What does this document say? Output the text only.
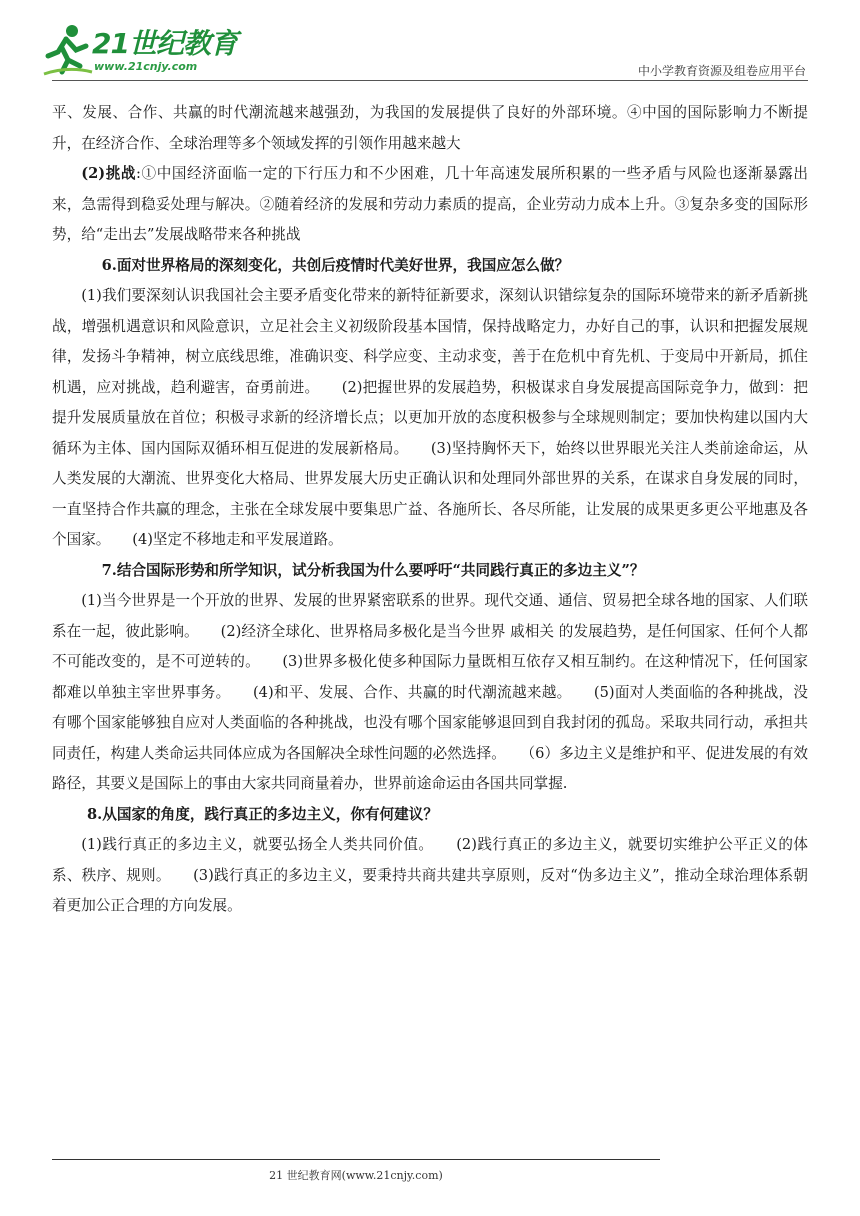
21世纪教育
www.21cnjy.com	中小学教育资源及组卷应用平台

平、发展、合作、共赢的时代潮流越来越强劲，为我国的发展提供了良好的外部环境。④中国的国际影响力不断提升，在经济合作、全球治理等多个领域发挥的引领作用越来越大

(2)挑战:①中国经济面临一定的下行压力和不少困难，几十年高速发展所积累的一些矛盾与风险也逐渐暴露出来，急需得到稳妥处理与解决。②随着经济的发展和劳动力素质的提高，企业劳动力成本上升。③复杂多变的国际形势，给“走出去”发展战略带来各种挑战

6.面对世界格局的深刻变化，共创后疫情时代美好世界，我国应怎么做？

(1)我们要深刻认识我国社会主要矛盾变化带来的新特征新要求，深刻认识错综复杂的国际环境带来的新矛盾新挑战，增强机遇意识和风险意识，立足社会主义初级阶段基本国情，保持战略定力，办好自己的事，认识和把握发展规律，发扬斗争精神，树立底线思维，准确识变、科学应变、主动求变，善于在危机中育先机、于变局中开新局，抓住机遇，应对挑战，趋利避害，奋勇前进。　　(2)把握世界的发展趋势，积极谋求自身发展提高国际竞争力，做到：把提升发展质量放在首位；积极寻求新的经济增长点；以更加开放的态度积极参与全球规则制定；要加快构建以国内大循环为主体、国内国际双循环相互促进的发展新格局。　　(3)坚持胸怀天下，始终以世界眼光关注人类前途命运，从人类发展的大潮流、世界变化大格局、世界发展大历史正确认识和处理同外部世界的关系，在谋求自身发展的同时，一直坚持合作共赢的理念，主张在全球发展中要集思广益、各施所长、各尽所能，让发展的成果更多更公平地惠及各个国家。　　(4)坚定不移地走和平发展道路。

7.结合国际形势和所学知识，试分析我国为什么要呼吁“共同践行真正的多边主义”？

(1)当今世界是一个开放的世界、发展的世界紧密联系的世界。现代交通、通信、贸易把全球各地的国家、人们联系在一起，彼此影响。　　(2)经济全球化、世界格局多极化是当今世界 戚相关 的发展趋势，是任何国家、任何个人都不可能改变的，是不可逆转的。　　(3)世界多极化使多种国际力量既相互依存又相互制约。在这种情况下，任何国家都难以单独主宰世界事务。　　(4)和平、发展、合作、共赢的时代潮流越来越。　　(5)面对人类面临的各种挑战，没有哪个国家能够独自应对人类面临的各种挑战，也没有哪个国家能够退回到自我封闭的孤岛。采取共同行动，承担共同责任，构建人类命运共同体应成为各国解决全球性问题的必然选择。　　（6）多边主义是维护和平、促进发展的有效路径，其要义是国际上的事由大家共同商量着办，世界前途命运由各国共同掌握.

8.从国家的角度，践行真正的多边主义，你有何建议？

(1)践行真正的多边主义，就要弘扬全人类共同价值。　　(2)践行真正的多边主义，就要切实维护公平正义的体系、秩序、规则。　　(3)践行真正的多边主义，要秉持共商共建共享原则，反对“伪多边主义”，推动全球治理体系朝着更加公正合理的方向发展。

21 世纪教育网(www.21cnjy.com)
